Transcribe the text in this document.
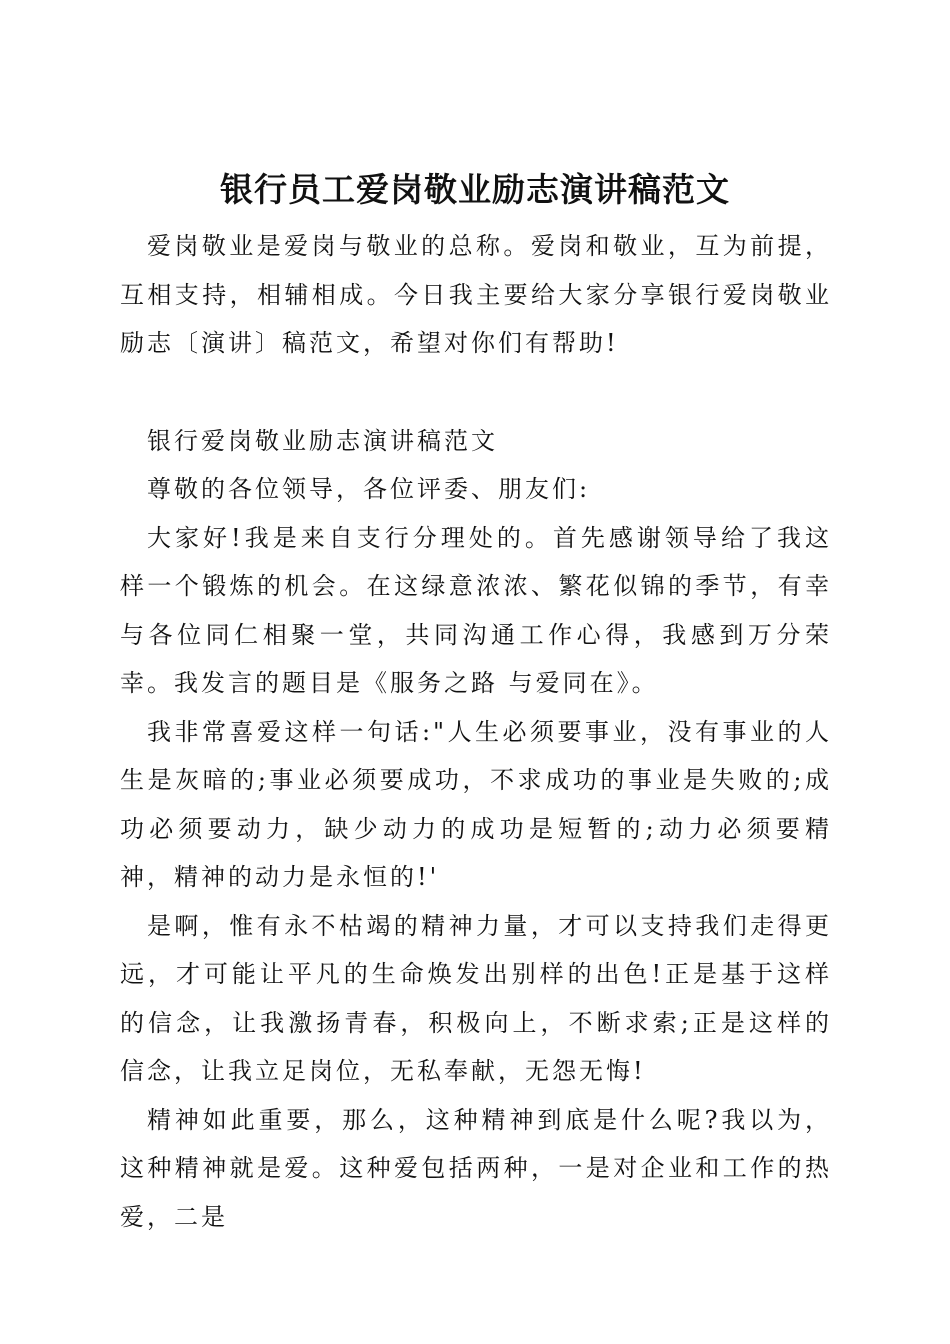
银行员工爱岗敬业励志演讲稿范文

爱岗敬业是爱岗与敬业的总称。爱岗和敬业，互为前提，互相支持，相辅相成。今日我主要给大家分享银行爱岗敬业励志〔演讲〕稿范文，希望对你们有帮助!

银行爱岗敬业励志演讲稿范文

尊敬的各位领导，各位评委、朋友们:

大家好!我是来自支行分理处的。首先感谢领导给了我这样一个锻炼的机会。在这绿意浓浓、繁花似锦的季节，有幸与各位同仁相聚一堂，共同沟通工作心得，我感到万分荣幸。我发言的题目是《服务之路 与爱同在》。

我非常喜爱这样一句话:"人生必须要事业，没有事业的人生是灰暗的;事业必须要成功，不求成功的事业是失败的;成功必须要动力，缺少动力的成功是短暂的;动力必须要精神，精神的动力是永恒的!'

是啊，惟有永不枯竭的精神力量，才可以支持我们走得更远，才可能让平凡的生命焕发出别样的出色!正是基于这样的信念，让我激扬青春，积极向上，不断求索;正是这样的信念，让我立足岗位，无私奉献，无怨无悔!

精神如此重要，那么，这种精神到底是什么呢?我以为，这种精神就是爱。这种爱包括两种，一是对企业和工作的热爱，二是
